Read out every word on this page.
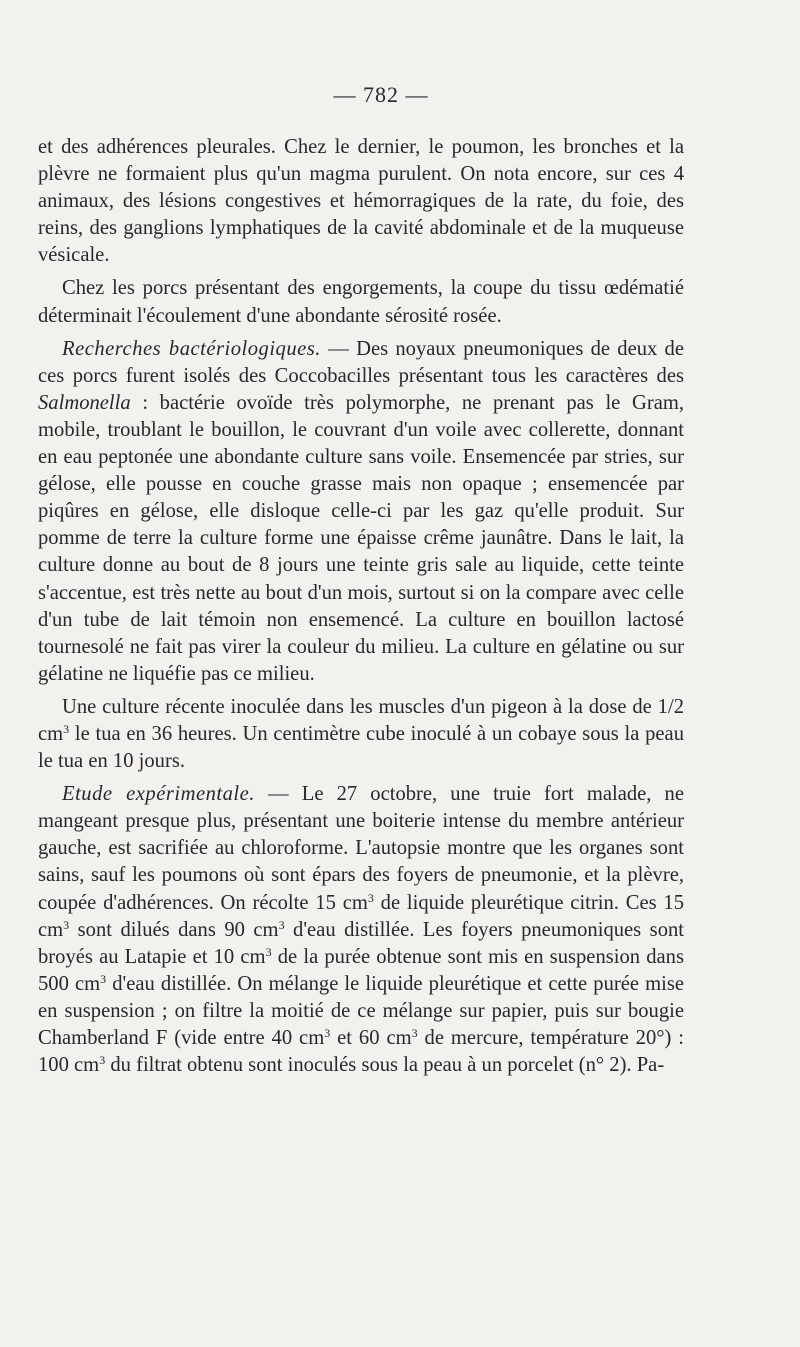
— 782 —

et des adhérences pleurales. Chez le dernier, le poumon, les bronches et la plèvre ne formaient plus qu'un magma purulent. On nota encore, sur ces 4 animaux, des lésions congestives et hémorragiques de la rate, du foie, des reins, des ganglions lymphatiques de la cavité abdominale et de la muqueuse vésicale.

Chez les porcs présentant des engorgements, la coupe du tissu œdématié déterminait l'écoulement d'une abondante sérosité rosée.

Recherches bactériologiques. — Des noyaux pneumoniques de deux de ces porcs furent isolés des Coccobacilles présentant tous les caractères des Salmonella : bactérie ovoïde très polymorphe, ne prenant pas le Gram, mobile, troublant le bouillon, le couvrant d'un voile avec collerette, donnant en eau peptonée une abondante culture sans voile. Ensemencée par stries, sur gélose, elle pousse en couche grasse mais non opaque ; ensemencée par piqûres en gélose, elle disloque celle-ci par les gaz qu'elle produit. Sur pomme de terre la culture forme une épaisse crême jaunâtre. Dans le lait, la culture donne au bout de 8 jours une teinte gris sale au liquide, cette teinte s'accentue, est très nette au bout d'un mois, surtout si on la compare avec celle d'un tube de lait témoin non ensemencé. La culture en bouillon lactosé tournesolé ne fait pas virer la couleur du milieu. La culture en gélatine ou sur gélatine ne liquéfie pas ce milieu.

Une culture récente inoculée dans les muscles d'un pigeon à la dose de 1/2 $cm^3$ le tua en 36 heures. Un centimètre cube inoculé à un cobaye sous la peau le tua en 10 jours.

Etude expérimentale. — Le 27 octobre, une truie fort malade, ne mangeant presque plus, présentant une boiterie intense du membre antérieur gauche, est sacrifiée au chloroforme. L'autopsie montre que les organes sont sains, sauf les poumons où sont épars des foyers de pneumonie, et la plèvre, coupée d'adhérences. On récolte 15 $cm^3$ de liquide pleurétique citrin. Ces 15 $cm^3$ sont dilués dans 90 $cm^3$ d'eau distillée. Les foyers pneumoniques sont broyés au Latapie et 10 $cm^3$ de la purée obtenue sont mis en suspension dans 500 $cm^3$ d'eau distillée. On mélange le liquide pleurétique et cette purée mise en suspension ; on filtre la moitié de ce mélange sur papier, puis sur bougie Chamberland F (vide entre 40 $cm^3$ et 60 $cm^3$ de mercure, température 20°) : 100 $cm^3$ du filtrat obtenu sont inoculés sous la peau à un porcelet (n° 2). Pa-
